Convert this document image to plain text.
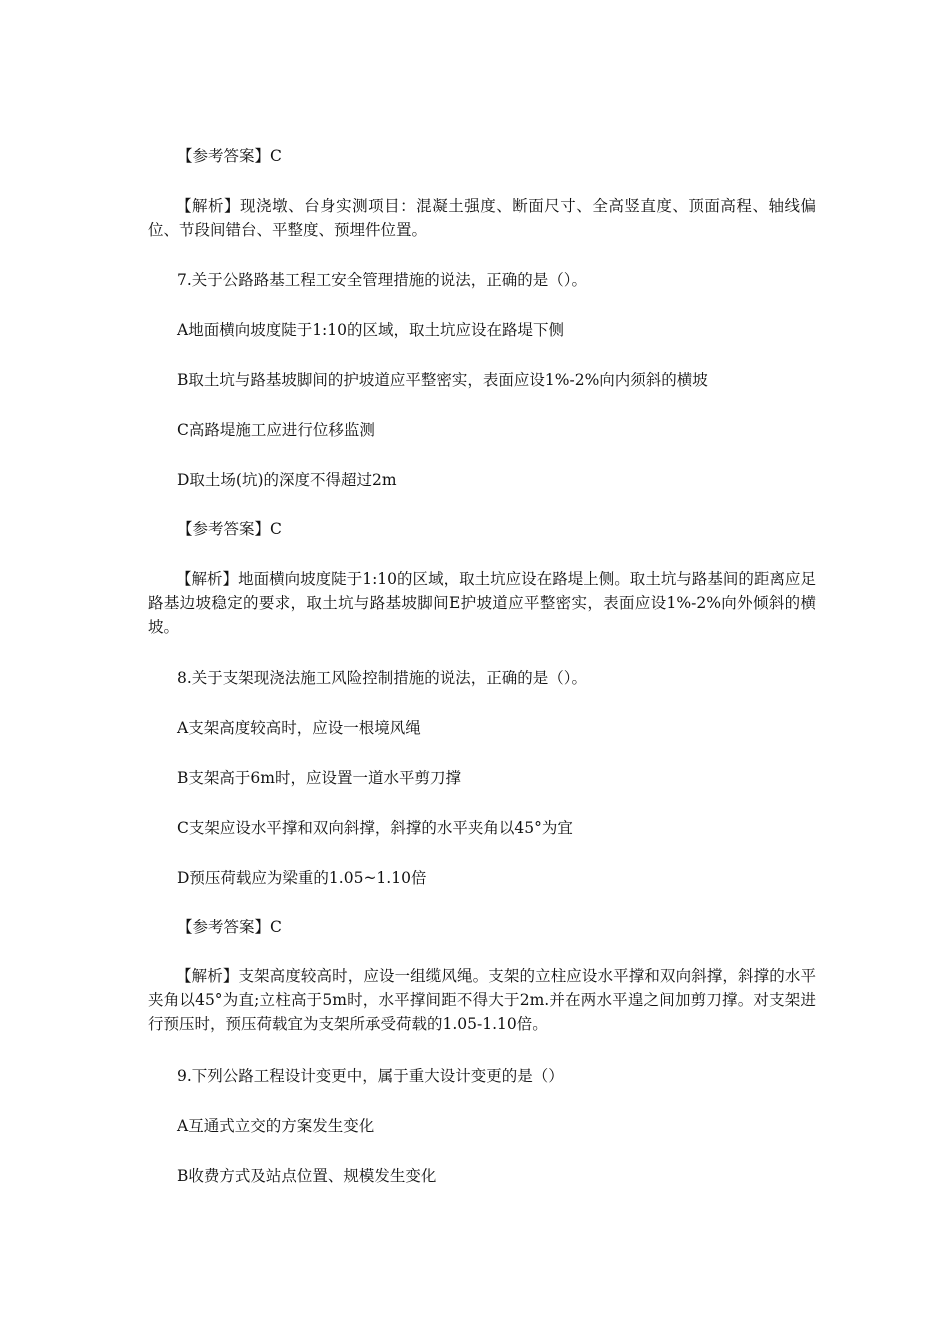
【参考答案】C

【解析】现浇墩、台身实测项目：混凝土强度、断面尺寸、全高竖直度、顶面高程、轴线偏位、节段间错台、平整度、预埋件位置。

7.关于公路路基工程工安全管理措施的说法，正确的是（）。

A地面横向坡度陡于1:10的区域，取土坑应设在路堤下侧

B取土坑与路基坡脚间的护坡道应平整密实，表面应设1%-2%向内须斜的横坡

C高路堤施工应进行位移监测

D取土场(坑)的深度不得超过2m

【参考答案】C

【解析】地面横向坡度陡于1:10的区域，取土坑应设在路堤上侧。取土坑与路基间的距离应足路基边坡稳定的要求，取土坑与路基坡脚间E护坡道应平整密实，表面应设1%-2%向外倾斜的横坡。

8.关于支架现浇法施工风险控制措施的说法，正确的是（）。

A支架高度较高时，应设一根境风绳

B支架高于6m时，应设置一道水平剪刀撑

C支架应设水平撑和双向斜撑，斜撑的水平夹角以45°为宜

D预压荷载应为梁重的1.05~1.10倍

【参考答案】C

【解析】支架高度较高时，应设一组缆风绳。支架的立柱应设水平撑和双向斜撑，斜撑的水平夹角以45°为直;立柱高于5m时，水平撑间距不得大于2m.并在两水平遑之间加剪刀撑。对支架进行预压时，预压荷载宜为支架所承受荷载的1.05-1.10倍。

9.下列公路工程设计变更中，属于重大设计变更的是（）

A互通式立交的方案发生变化

B收费方式及站点位置、规模发生变化
